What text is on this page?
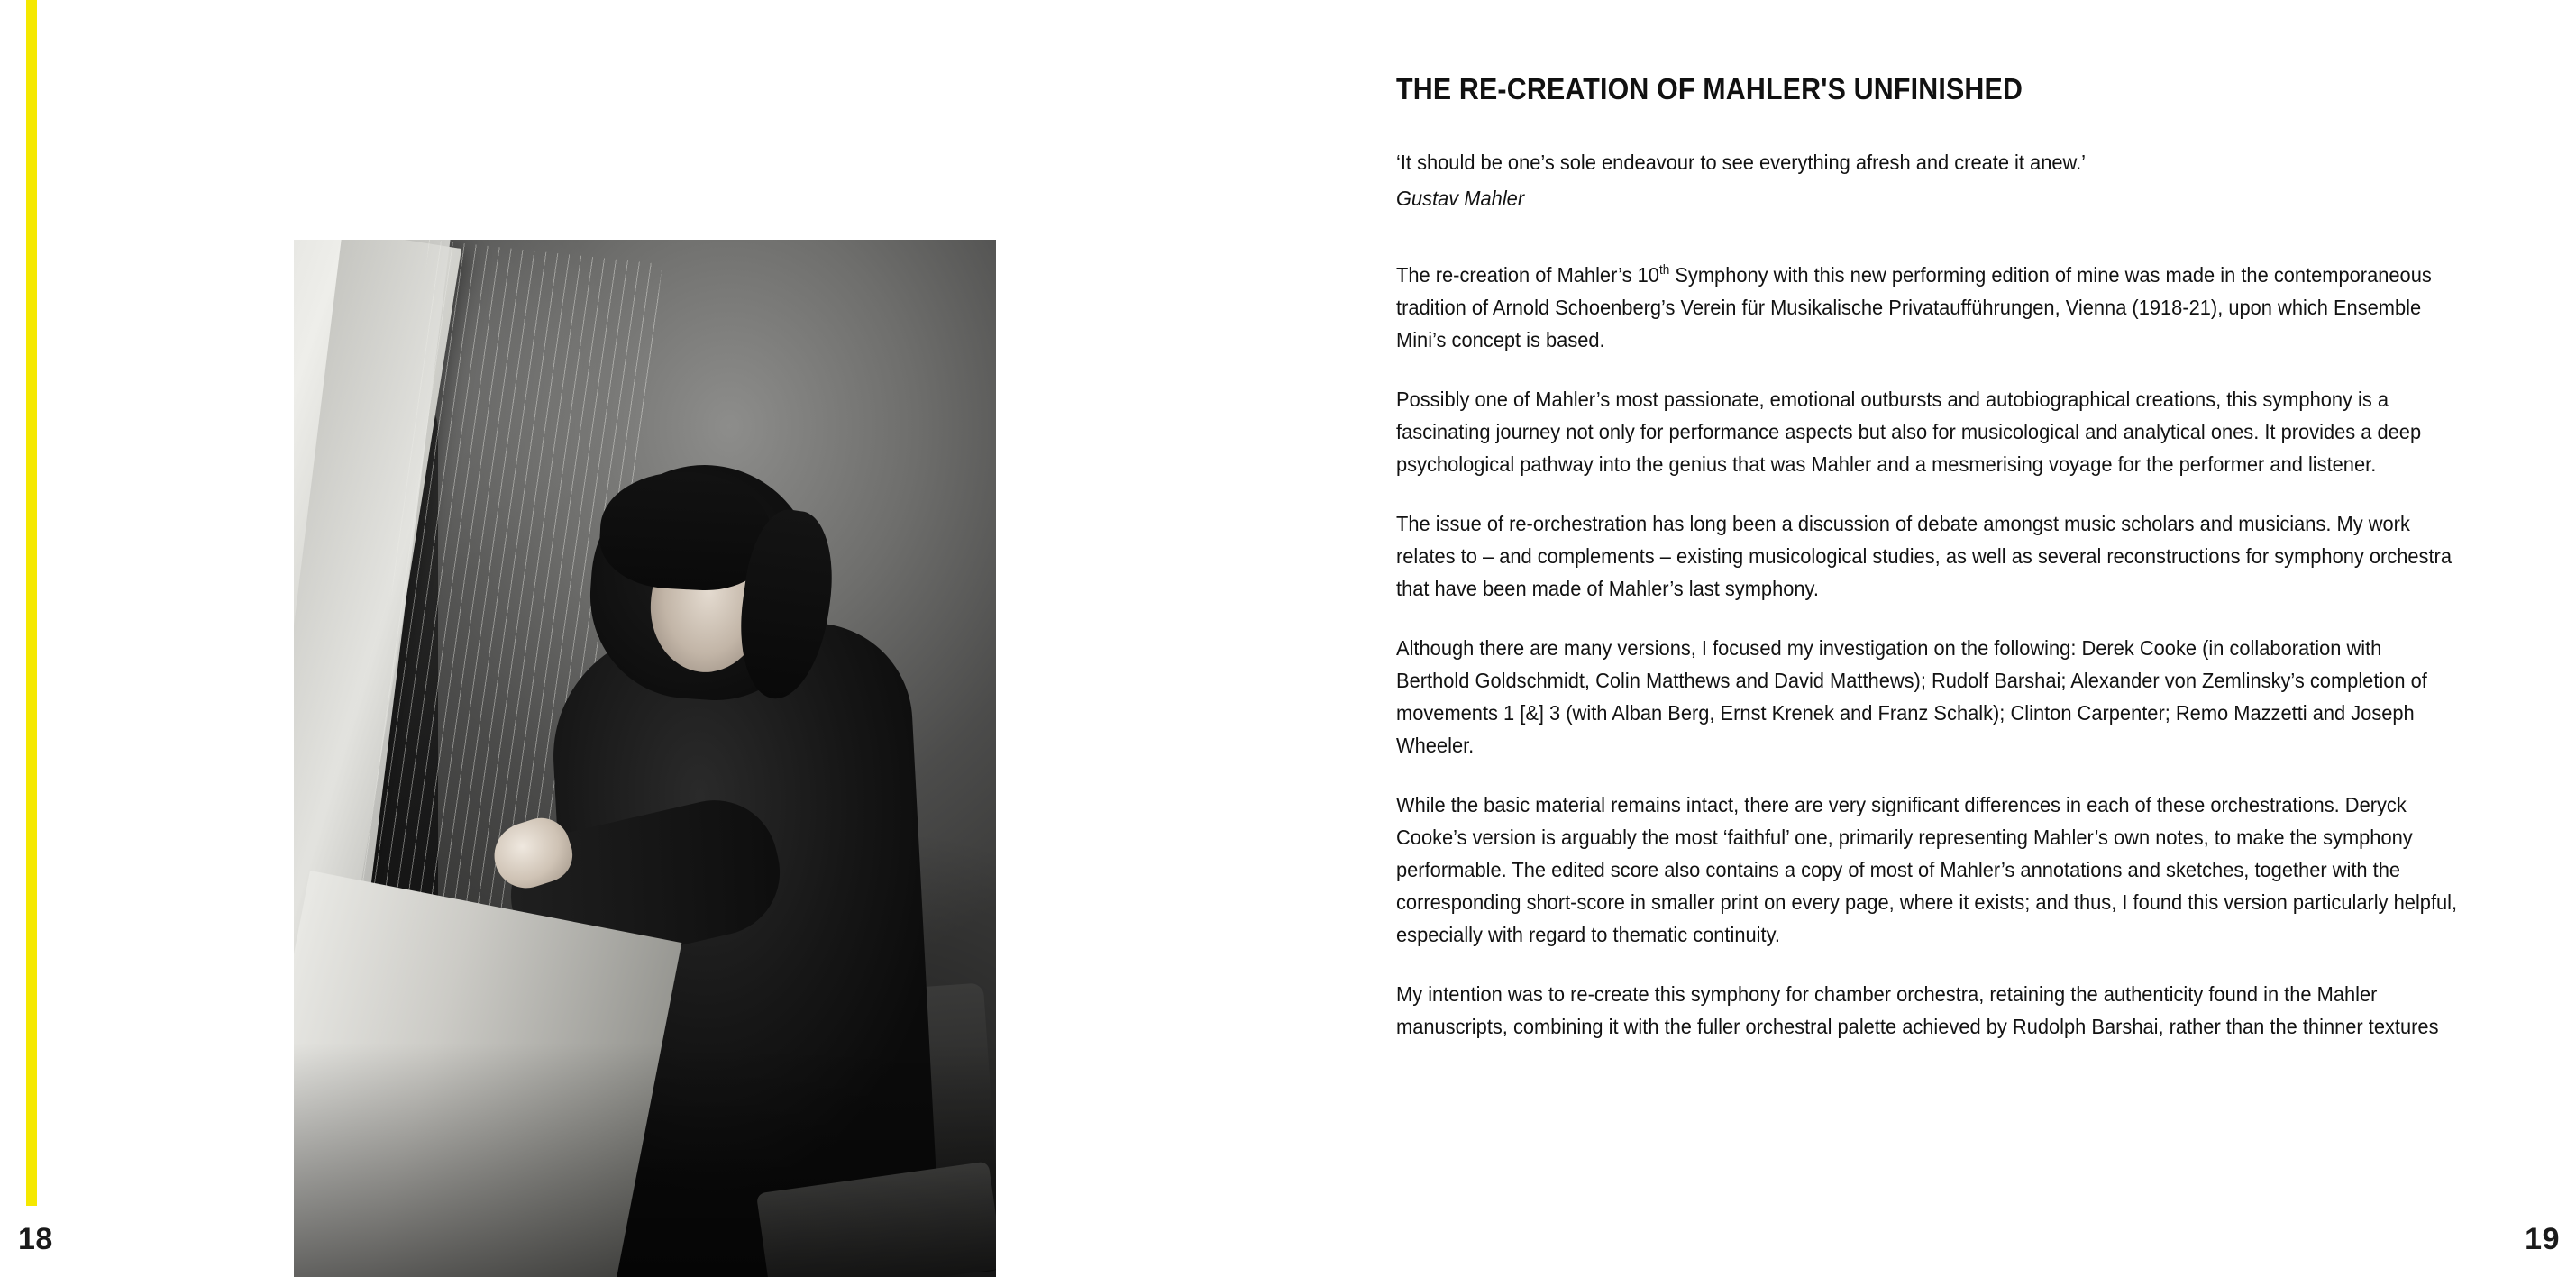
18
THE RE-CREATION OF MAHLER'S UNFINISHED

‘It should be one’s sole endeavour to see everything afresh and create it anew.’

Gustav Mahler

The re-creation of Mahler’s 10th Symphony with this new performing edition of mine was made in the contemporaneous tradition of Arnold Schoenberg’s Verein für Musikalische Privataufführungen, Vienna (1918-21), upon which Ensemble Mini’s concept is based.

Possibly one of Mahler’s most passionate, emotional outbursts and autobiographical creations, this symphony is a fascinating journey not only for performance aspects but also for musicological and analytical ones. It provides a deep psychological pathway into the genius that was Mahler and a mesmerising voyage for the performer and listener.

The issue of re-orchestration has long been a discussion of debate amongst music scholars and musicians. My work relates to – and complements – existing musicological studies, as well as several reconstructions for symphony orchestra that have been made of Mahler’s last symphony.

Although there are many versions, I focused my investigation on the following: Derek Cooke (in collaboration with Berthold Goldschmidt, Colin Matthews and David Matthews); Rudolf Barshai; Alexander von Zemlinsky’s completion of movements 1 [&] 3 (with Alban Berg, Ernst Krenek and Franz Schalk); Clinton Carpenter; Remo Mazzetti and Joseph Wheeler.

While the basic material remains intact, there are very significant differences in each of these orchestrations. Deryck Cooke’s version is arguably the most ‘faithful’ one, primarily representing Mahler’s own notes, to make the symphony performable. The edited score also contains a copy of most of Mahler’s annotations and sketches, together with the corresponding short-score in smaller print on every page, where it exists; and thus, I found this version particularly helpful, especially with regard to thematic continuity.

My intention was to re-create this symphony for chamber orchestra, retaining the authenticity found in the Mahler manuscripts, combining it with the fuller orchestral palette achieved by Rudolph Barshai, rather than the thinner textures

19
